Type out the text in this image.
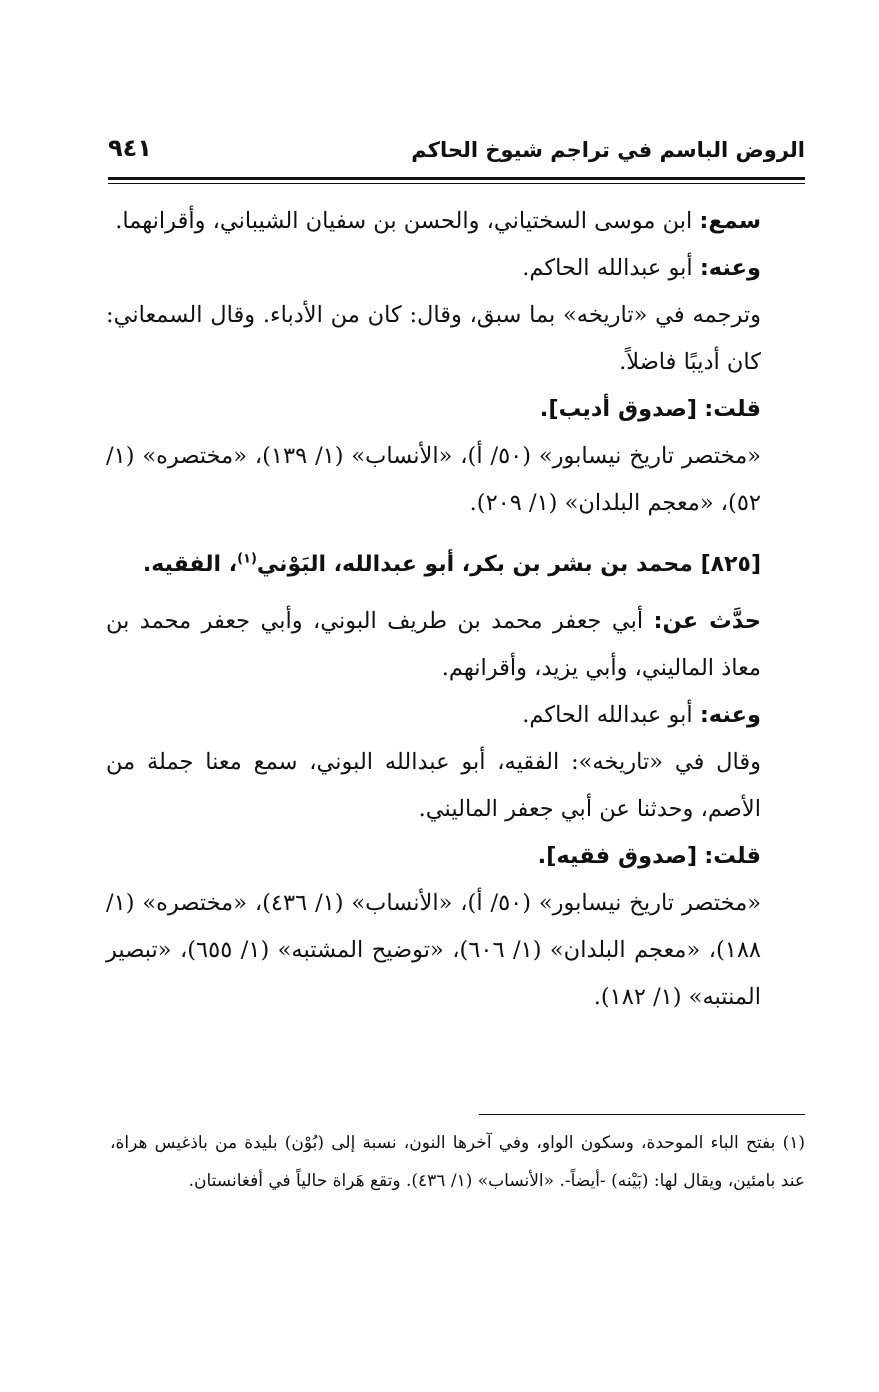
الروض الباسم في تراجم شيوخ الحاكم
٩٤١

سمع: ابن موسى السختياني، والحسن بن سفيان الشيباني، وأقرانهما.

وعنه: أبو عبدالله الحاكم.

وترجمه في «تاريخه» بما سبق، وقال: كان من الأدباء. وقال السمعاني: كان أديبًا فاضلاً.

قلت: [صدوق أديب].

«مختصر تاريخ نيسابور» (٥٠/ أ)، «الأنساب» (١/ ١٣٩)، «مختصره» (١/ ٥٢)، «معجم البلدان» (١/ ٢٠٩).

[٨٢٥] محمد بن بشر بن بكر، أبو عبدالله، البَوْني$^{(١)}$، الفقيه.

حدَّث عن: أبي جعفر محمد بن طريف البوني، وأبي جعفر محمد بن معاذ الماليني، وأبي يزيد، وأقرانهم.

وعنه: أبو عبدالله الحاكم.

وقال في «تاريخه»: الفقيه، أبو عبدالله البوني، سمع معنا جملة من الأصم، وحدثنا عن أبي جعفر الماليني.

قلت: [صدوق فقيه].

«مختصر تاريخ نيسابور» (٥٠/ أ)، «الأنساب» (١/ ٤٣٦)، «مختصره» (١/ ١٨٨)، «معجم البلدان» (١/ ٦٠٦)، «توضيح المشتبه» (١/ ٦٥٥)، «تبصير المنتبه» (١/ ١٨٢).

(١) بفتح الباء الموحدة، وسكون الواو، وفي آخرها النون، نسبة إلى (بُوْن) بليدة من باذغيس هراة، عند بامئين، ويقال لها: (بَيْنه) -أيضاً-. «الأنساب» (١/ ٤٣٦). وتقع هَراة حالياً في أفغانستان.
